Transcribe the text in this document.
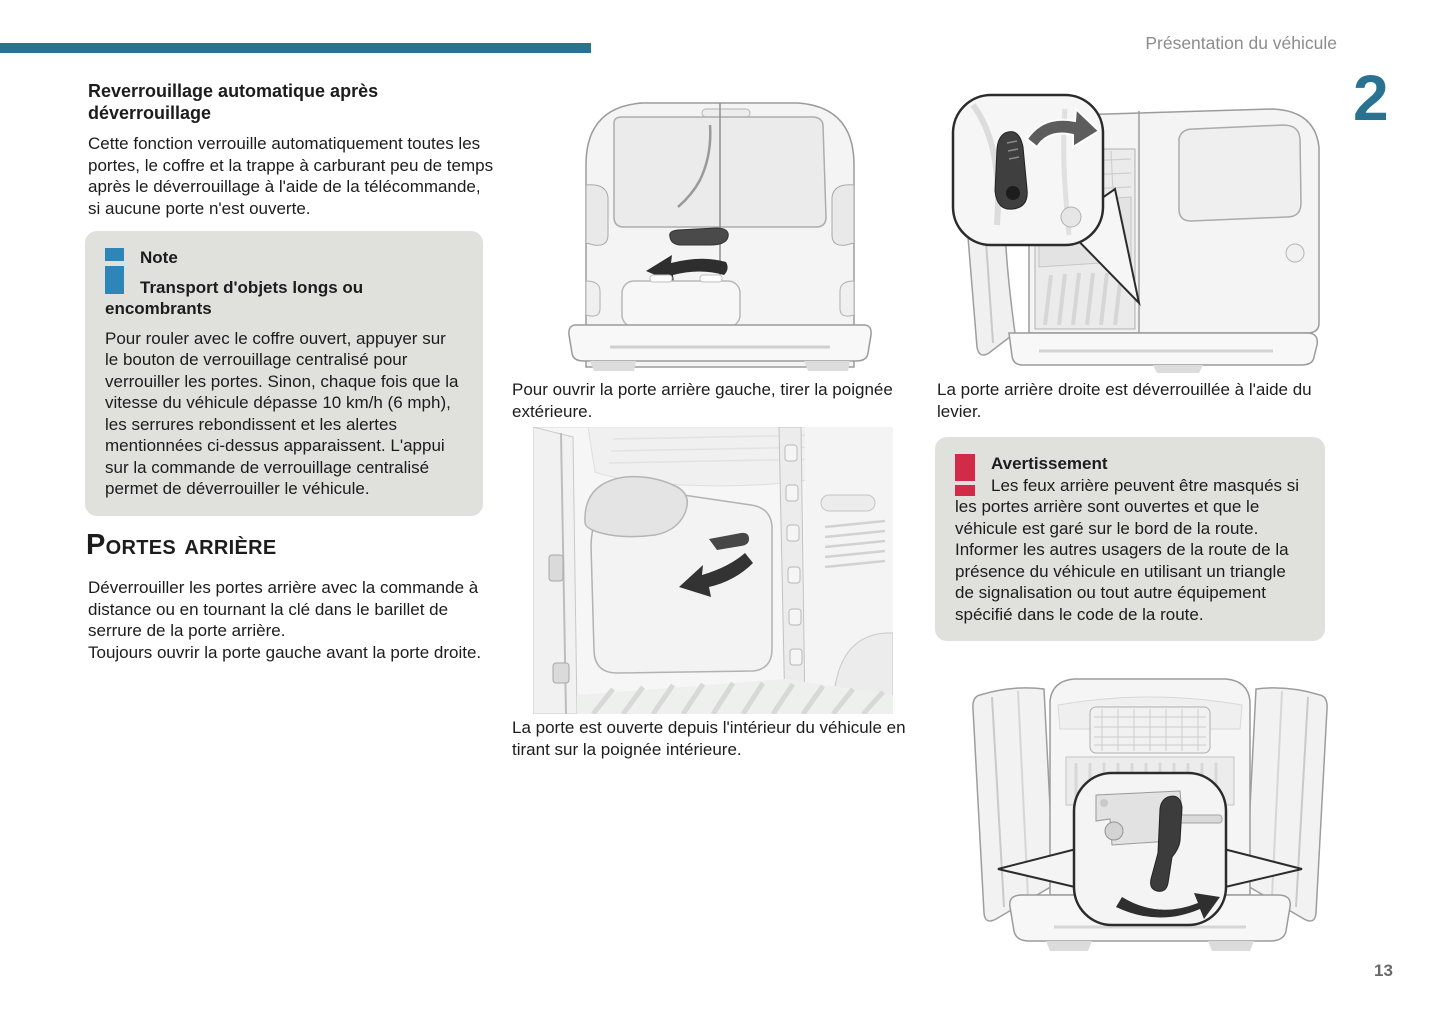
Présentation du véhicule
2
Reverrouillage automatique après déverrouillage

Cette fonction verrouille automatiquement toutes les portes, le coffre et la trappe à carburant peu de temps après le déverrouillage à l'aide de la télécommande, si aucune porte n'est ouverte.

Note

Transport d'objets longs ou encombrants

Pour rouler avec le coffre ouvert, appuyer sur le bouton de verrouillage centralisé pour verrouiller les portes. Sinon, chaque fois que la vitesse du véhicule dépasse 10 km/h (6 mph), les serrures rebondissent et les alertes mentionnées ci-dessus apparaissent. L'appui sur la commande de verrouillage centralisé permet de déverrouiller le véhicule.

Portes arrière

Déverrouiller les portes arrière avec la commande à distance ou en tournant la clé dans le barillet de serrure de la porte arrière.

Toujours ouvrir la porte gauche avant la porte droite.

Pour ouvrir la porte arrière gauche, tirer la poignée extérieure.

La porte est ouverte depuis l'intérieur du véhicule en tirant sur la poignée intérieure.

La porte arrière droite est déverrouillée à l'aide du levier.

Avertissement

Les feux arrière peuvent être masqués si les portes arrière sont ouvertes et que le véhicule est garé sur le bord de la route. Informer les autres usagers de la route de la présence du véhicule en utilisant un triangle de signalisation ou tout autre équipement spécifié dans le code de la route.

13
